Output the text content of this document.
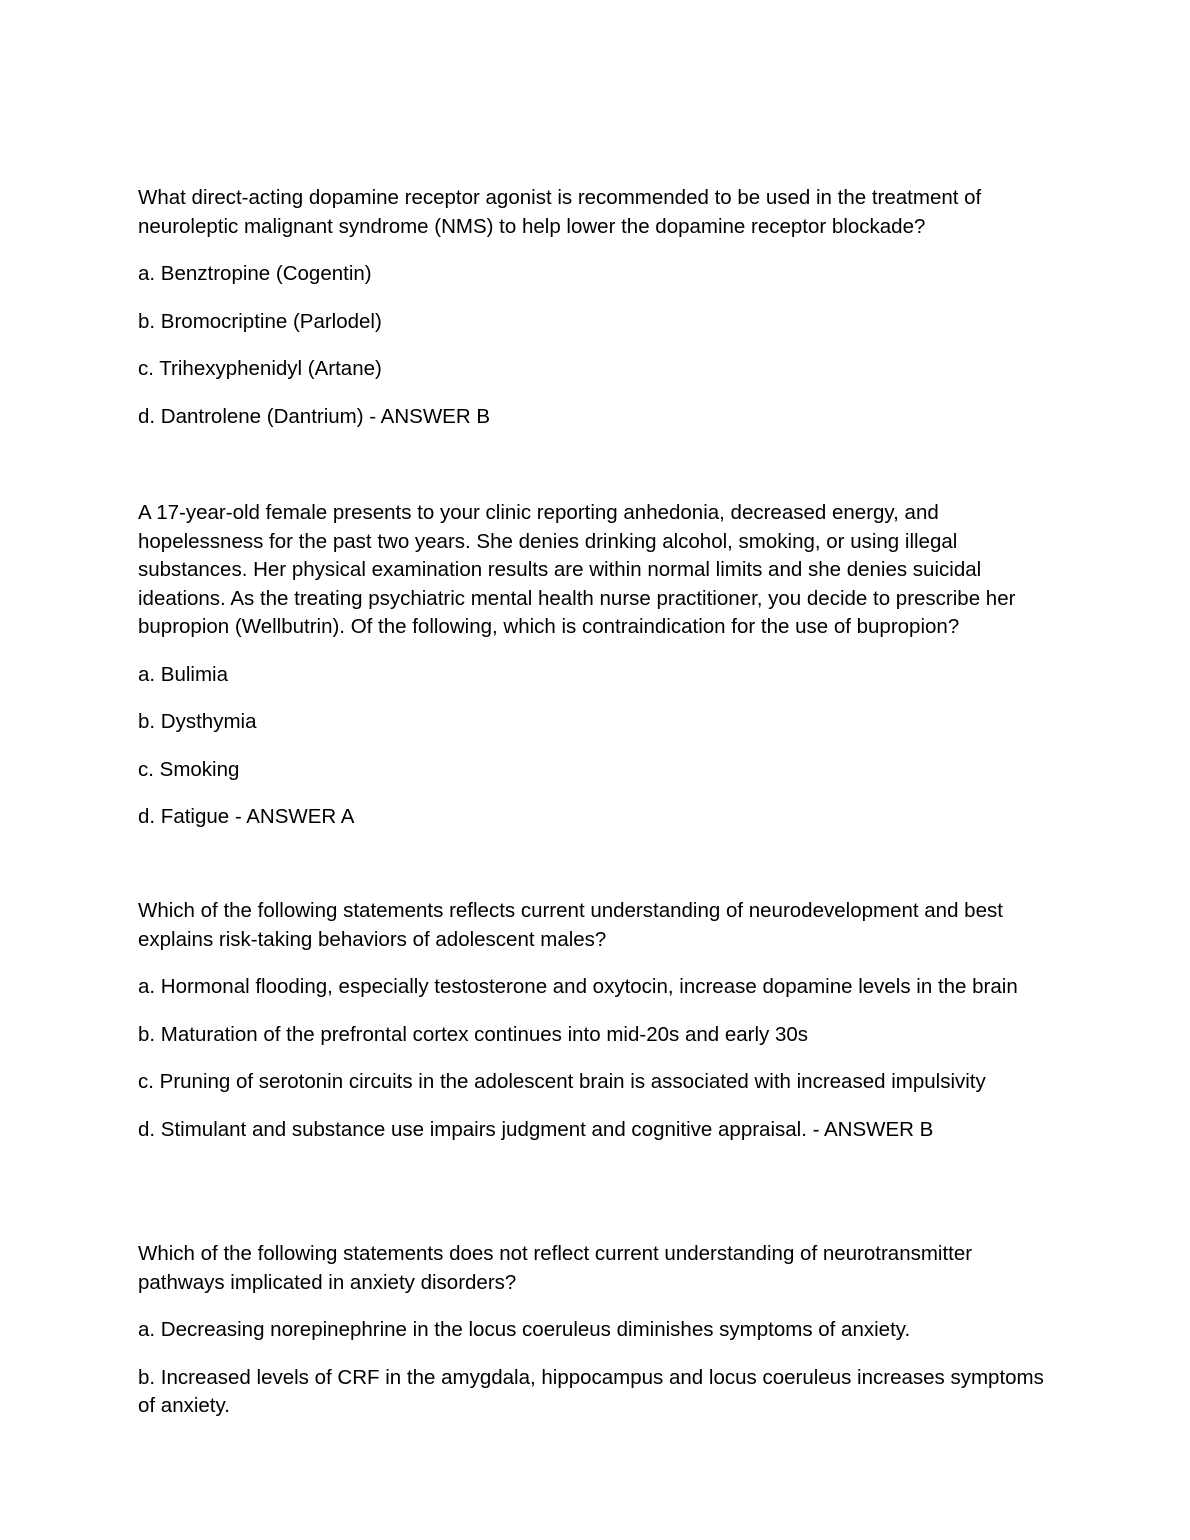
What direct-acting dopamine receptor agonist is recommended to be used in the treatment of neuroleptic malignant syndrome (NMS) to help lower the dopamine receptor blockade?

a. Benztropine (Cogentin)

b. Bromocriptine (Parlodel)

c. Trihexyphenidyl (Artane)

d. Dantrolene (Dantrium) - ANSWER B

A 17-year-old female presents to your clinic reporting anhedonia, decreased energy, and hopelessness for the past two years. She denies drinking alcohol, smoking, or using illegal substances. Her physical examination results are within normal limits and she denies suicidal ideations. As the treating psychiatric mental health nurse practitioner, you decide to prescribe her bupropion (Wellbutrin). Of the following, which is contraindication for the use of bupropion?

a. Bulimia

b. Dysthymia

c. Smoking

d. Fatigue - ANSWER A

Which of the following statements reflects current understanding of neurodevelopment and best explains risk-taking behaviors of adolescent males?

a. Hormonal flooding, especially testosterone and oxytocin, increase dopamine levels in the brain

b. Maturation of the prefrontal cortex continues into mid-20s and early 30s

c. Pruning of serotonin circuits in the adolescent brain is associated with increased impulsivity

d. Stimulant and substance use impairs judgment and cognitive appraisal. - ANSWER B

Which of the following statements does not reflect current understanding of neurotransmitter pathways implicated in anxiety disorders?

a. Decreasing norepinephrine in the locus coeruleus diminishes symptoms of anxiety.

b. Increased levels of CRF in the amygdala, hippocampus and locus coeruleus increases symptoms of anxiety.
